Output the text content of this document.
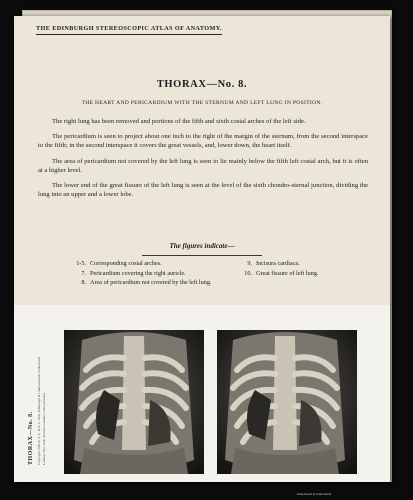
THE EDINBURGH STEREOSCOPIC ATLAS OF ANATOMY.
THORAX—No. 8.
THE HEART AND PERICARDIUM WITH THE STERNUM AND LEFT LUNG IN POSITION.

The right lung has been removed and portions of the fifth and sixth costal arches of the left side.

The pericardium is seen to project about one inch to the right of the margin of the sternum, from the second interspace to the fifth; in the second interspace it covers the great vessels, and, lower down, the heart itself.

The area of pericardium not covered by the left lung is seen to lie mainly below the fifth left costal arch, but it is often at a higher level.

The lower end of the great fissure of the left lung is seen at the level of the sixth chondro-sternal junction, dividing the lung into an upper and a lower lobe.

The figures indicate—
1-5. Corresponding costal arches.	9. Incisura cardiaca.
7. Pericardium covering the right auricle.	10. Great fissure of left lung.
8. Area of pericardium not covered by the left lung.
THORAX—No. 8. Copyright 1905 by T. C. & E. C. Jack, Edinburgh & Underwood & Underwood London, New York, Toronto-Canada, Ottawa-Kansas.
Underwood & Underwood
